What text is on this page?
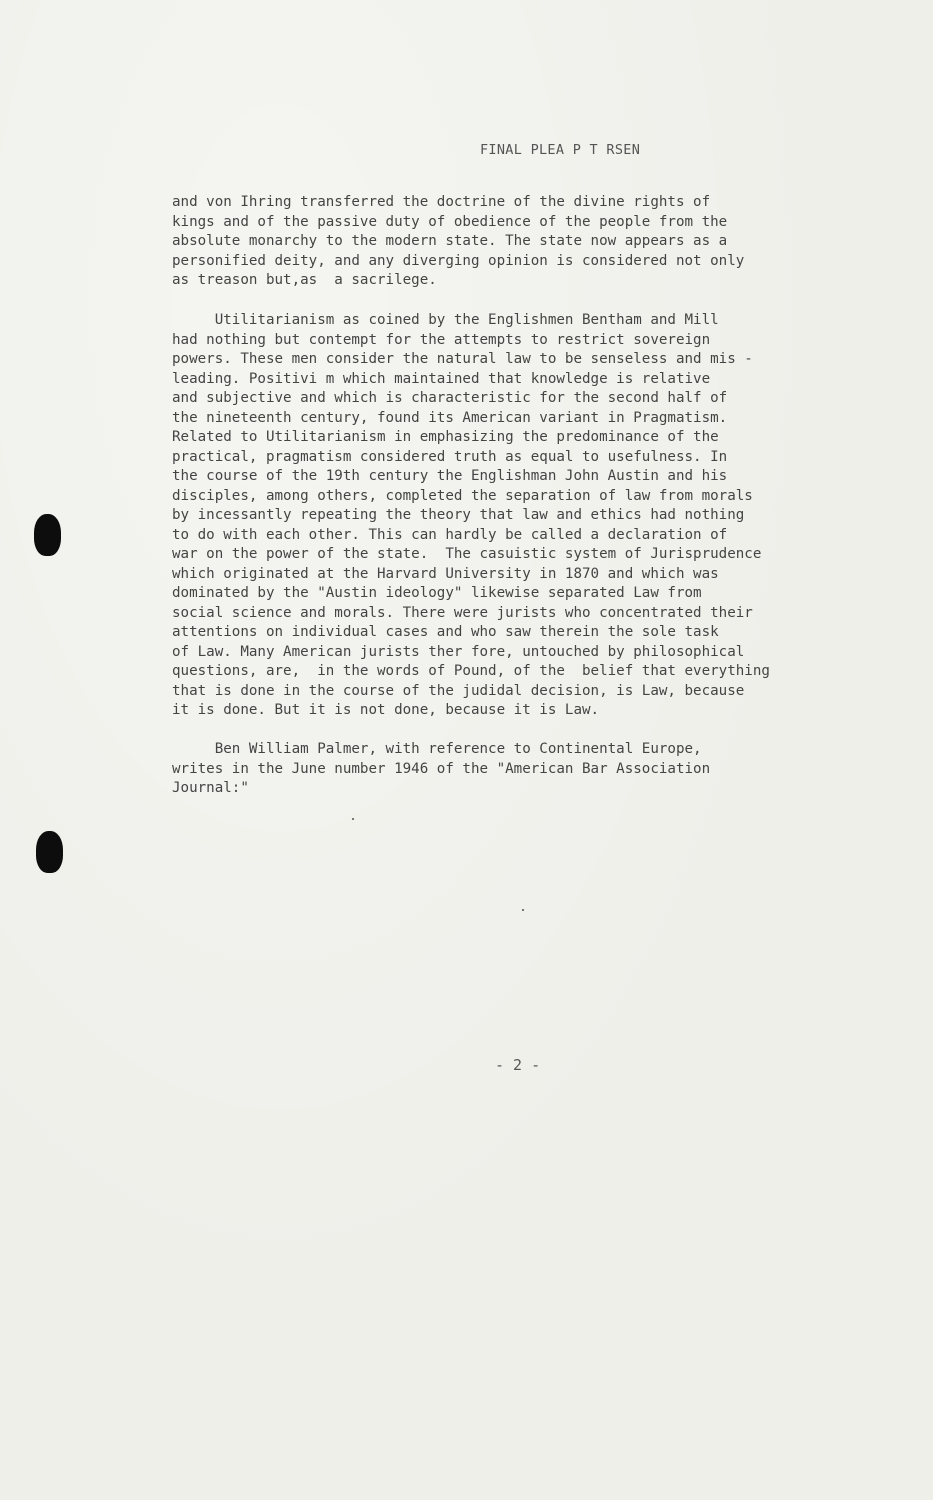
FINAL PLEA P T RSEN
and von Ihring transferred the doctrine of the divine rights of
kings and of the passive duty of obedience of the people from the
absolute monarchy to the modern state. The state now appears as a
personified deity, and any diverging opinion is considered not only
as treason but,as  a sacrilege.
Utilitarianism as coined by the Englishmen Bentham and Mill
had nothing but contempt for the attempts to restrict sovereign
powers. These men consider the natural law to be senseless and mis -
leading. Positivi m which maintained that knowledge is relative
and subjective and which is characteristic for the second half of
the nineteenth century, found its American variant in Pragmatism.
Related to Utilitarianism in emphasizing the predominance of the
practical, pragmatism considered truth as equal to usefulness. In
the course of the 19th century the Englishman John Austin and his
disciples, among others, completed the separation of law from morals
by incessantly repeating the theory that law and ethics had nothing
to do with each other. This can hardly be called a declaration of
war on the power of the state.  The casuistic system of Jurisprudence
which originated at the Harvard University in 1870 and which was
dominated by the "Austin ideology" likewise separated Law from
social science and morals. There were jurists who concentrated their
attentions on individual cases and who saw therein the sole task
of Law. Many American jurists ther fore, untouched by philosophical
questions, are,  in the words of Pound, of the  belief that everything
that is done in the course of the judidal decision, is Law, because
it is done. But it is not done, because it is Law.
Ben William Palmer, with reference to Continental Europe,
writes in the June number 1946 of the "American Bar Association
Journal:"
- 2 -
